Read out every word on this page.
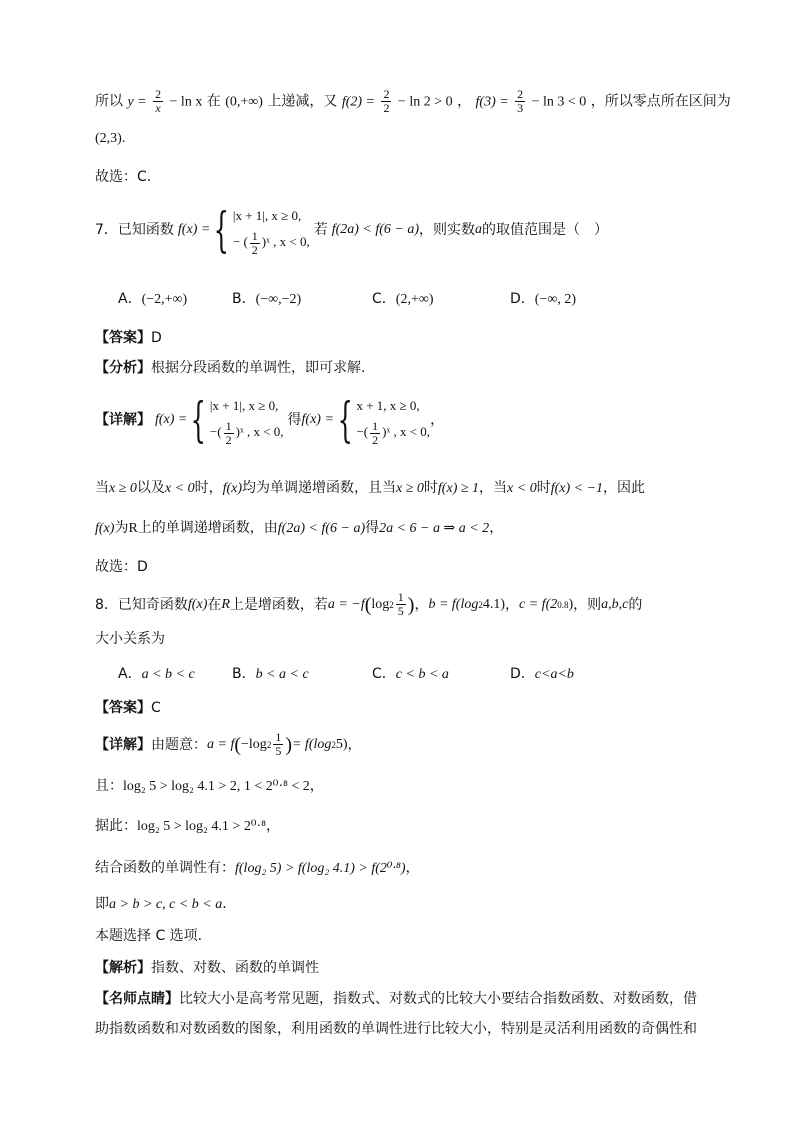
所以 $y = \frac{2}{x} - \ln x$ 在 (0,+∞) 上递减，又 $f(2) = \frac{2}{2} - \ln 2 > 0$ ， $f(3) = \frac{2}{3} - \ln 3 < 0$ ，所以零点所在区间为
(2,3).
故选：C.
7．已知函数 f(x) = { |x + 1|, x ≥ 0,
− ( $\frac{1}{2}$ )ˣ , x < 0,
若 f(2a) < f(6 − a) ，则实数 a 的取值范围是（　）
A．(−2,+∞)	B．(−∞,−2)	C．(2,+∞)	D．(−∞, 2)
【答案】D
【分析】根据分段函数的单调性，即可求解.
【详解】 f(x) = { |x + 1|, x ≥ 0,
−( $\frac{1}{2}$ )ˣ , x < 0,
得 f(x) = { x + 1, x ≥ 0,
−( $\frac{1}{2}$ )ˣ , x < 0,
，
当x ≥ 0以及x < 0时，f(x)均为单调递增函数，且当x ≥ 0时f(x) ≥ 1，当x < 0时f(x) < −1，因此
f(x)为R上的单调递增函数，由f(2a) < f(6 − a)得2a < 6 − a ⇒ a < 2，
故选：D
8．已知奇函数 f(x) 在 R 上是增函数，若 a = −f ( $\log 2 \frac{1}{5}$ ) ， b = f(log 2 4.1) ， c = f(2 0.8 ) ，则 a,b,c 的
大小关系为
A．a < b < c	B．b < a < c	C．c < b < a	D．c<a<b
【答案】C
【详解】 由题意： a = f ( −log $2 \frac{1}{5}$ ) = f(log 2 5) ，
且：log₂ 5 > log₂ 4.1 > 2, 1 < 2⁰·⁸ < 2，
据此：log₂ 5 > log₂ 4.1 > 2⁰·⁸，
结合函数的单调性有：f(log₂ 5) > f(log₂ 4.1) > f(2⁰·⁸)，
即a > b > c, c < b < a.
本题选择 C 选项.
【解析】指数、对数、函数的单调性
【名师点睛】比较大小是高考常见题，指数式、对数式的比较大小要结合指数函数、对数函数，借
助指数函数和对数函数的图象，利用函数的单调性进行比较大小，特别是灵活利用函数的奇偶性和
